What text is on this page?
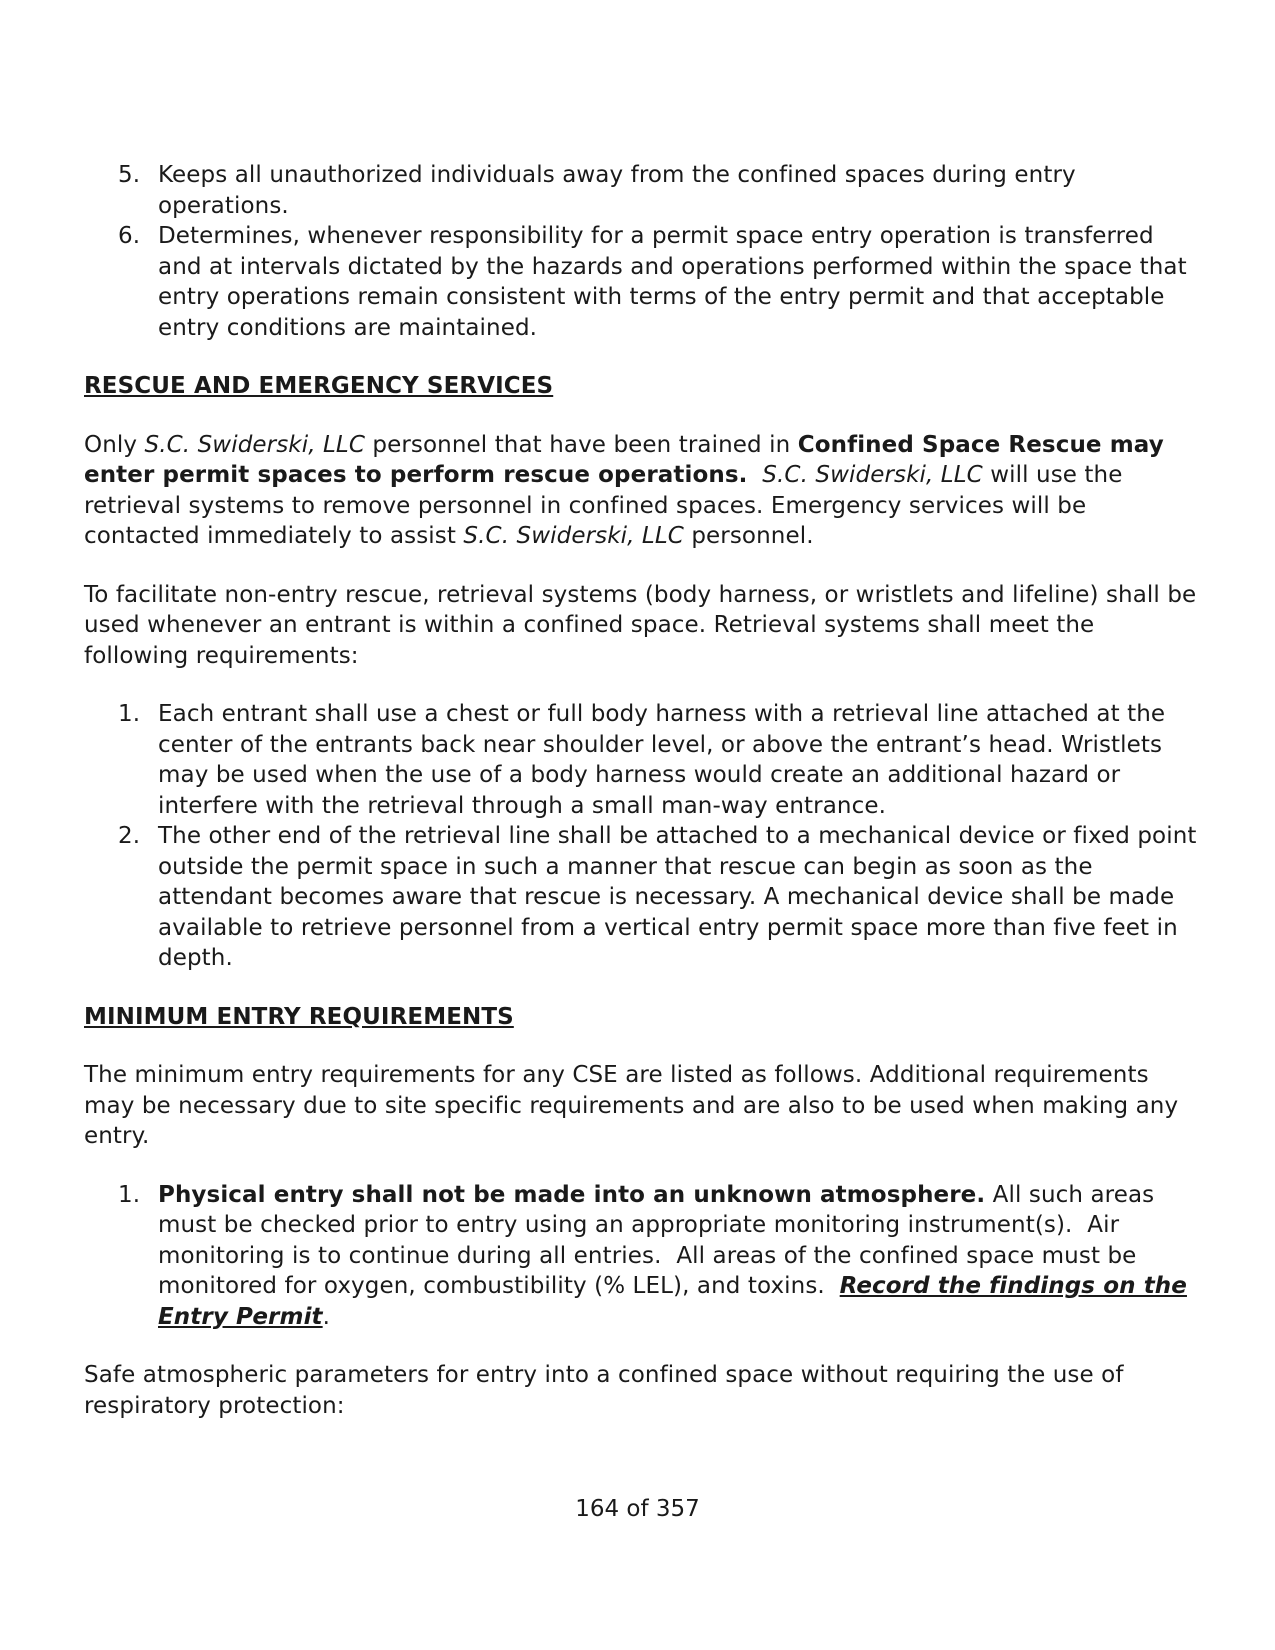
5. Keeps all unauthorized individuals away from the confined spaces during entry operations.
6. Determines, whenever responsibility for a permit space entry operation is transferred and at intervals dictated by the hazards and operations performed within the space that entry operations remain consistent with terms of the entry permit and that acceptable entry conditions are maintained.
RESCUE AND EMERGENCY SERVICES

Only S.C. Swiderski, LLC personnel that have been trained in Confined Space Rescue may enter permit spaces to perform rescue operations. S.C. Swiderski, LLC will use the retrieval systems to remove personnel in confined spaces. Emergency services will be contacted immediately to assist S.C. Swiderski, LLC personnel.

To facilitate non-entry rescue, retrieval systems (body harness, or wristlets and lifeline) shall be used whenever an entrant is within a confined space. Retrieval systems shall meet the following requirements:

1. Each entrant shall use a chest or full body harness with a retrieval line attached at the center of the entrants back near shoulder level, or above the entrant’s head. Wristlets may be used when the use of a body harness would create an additional hazard or interfere with the retrieval through a small man-way entrance.
2. The other end of the retrieval line shall be attached to a mechanical device or fixed point outside the permit space in such a manner that rescue can begin as soon as the attendant becomes aware that rescue is necessary. A mechanical device shall be made available to retrieve personnel from a vertical entry permit space more than five feet in depth.
MINIMUM ENTRY REQUIREMENTS

The minimum entry requirements for any CSE are listed as follows. Additional requirements may be necessary due to site specific requirements and are also to be used when making any entry.

1. Physical entry shall not be made into an unknown atmosphere. All such areas must be checked prior to entry using an appropriate monitoring instrument(s).  Air monitoring is to continue during all entries.  All areas of the confined space must be monitored for oxygen, combustibility (% LEL), and toxins.  Record the findings on the Entry Permit.

Safe atmospheric parameters for entry into a confined space without requiring the use of respiratory protection:

164 of 357
